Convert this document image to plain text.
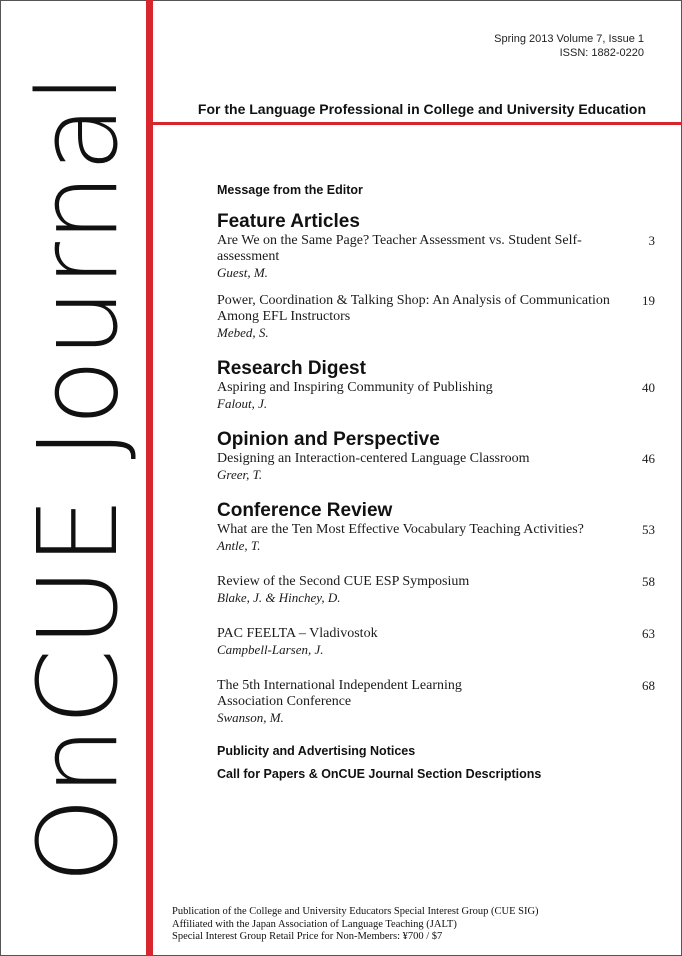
OnCUE Journal
Spring 2013 Volume 7, Issue 1
ISSN: 1882-0220
For the Language Professional in College and University Education
Message from the Editor
Feature Articles
Are We on the Same Page? Teacher Assessment vs. Student Self-assessment
Guest, M.
3
Power, Coordination & Talking Shop: An Analysis of Communication Among EFL Instructors
Mebed, S.
19
Research Digest
Aspiring and Inspiring Community of Publishing
Falout, J.
40
Opinion and Perspective
Designing an Interaction-centered Language Classroom
Greer, T.
46
Conference Review
What are the Ten Most Effective Vocabulary Teaching Activities?
Antle, T.
53
Review of the Second CUE ESP Symposium
Blake, J. & Hinchey, D.
58
PAC FEELTA – Vladivostok
Campbell-Larsen, J.
63
The 5th International Independent Learning Association Conference
Swanson, M.
68
Publicity and Advertising Notices
Call for Papers & OnCUE Journal Section Descriptions
Publication of the College and University Educators Special Interest Group (CUE SIG)
Affiliated with the Japan Association of Language Teaching (JALT)
Special Interest Group Retail Price for Non-Members: ¥700 / $7
